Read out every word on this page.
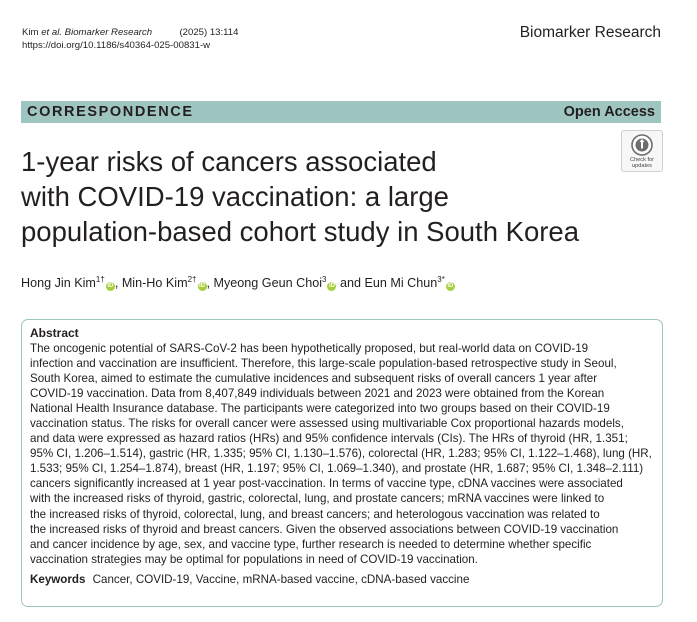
Kim et al. Biomarker Research	(2025) 13:114
https://doi.org/10.1186/s40364-025-00831-w
Biomarker Research
CORRESPONDENCE	Open Access
Check for
updates
1-year risks of cancers associated
with COVID-19 vaccination: a large
population-based cohort study in South Korea
Hong Jin Kim$^{1\dagger}$iD , Min-Ho Kim$^{2\dagger}$iD , Myeong Geun Choi$^3$iD and Eun Mi Chun$^{3*}$iD
Abstract
The oncogenic potential of SARS-CoV-2 has been hypothetically proposed, but real-world data on COVID-19
infection and vaccination are insufficient. Therefore, this large-scale population-based retrospective study in Seoul,
South Korea, aimed to estimate the cumulative incidences and subsequent risks of overall cancers 1 year after
COVID-19 vaccination. Data from 8,407,849 individuals between 2021 and 2023 were obtained from the Korean
National Health Insurance database. The participants were categorized into two groups based on their COVID-19
vaccination status. The risks for overall cancer were assessed using multivariable Cox proportional hazards models,
and data were expressed as hazard ratios (HRs) and 95% confidence intervals (CIs). The HRs of thyroid (HR, 1.351;
95% CI, 1.206–1.514), gastric (HR, 1.335; 95% CI, 1.130–1.576), colorectal (HR, 1.283; 95% CI, 1.122–1.468), lung (HR,
1.533; 95% CI, 1.254–1.874), breast (HR, 1.197; 95% CI, 1.069–1.340), and prostate (HR, 1.687; 95% CI, 1.348–2.111)
cancers significantly increased at 1 year post-vaccination. In terms of vaccine type, cDNA vaccines were associated
with the increased risks of thyroid, gastric, colorectal, lung, and prostate cancers; mRNA vaccines were linked to
the increased risks of thyroid, colorectal, lung, and breast cancers; and heterologous vaccination was related to
the increased risks of thyroid and breast cancers. Given the observed associations between COVID-19 vaccination
and cancer incidence by age, sex, and vaccine type, further research is needed to determine whether specific
vaccination strategies may be optimal for populations in need of COVID-19 vaccination.
Keywords Cancer, COVID-19, Vaccine, mRNA-based vaccine, cDNA-based vaccine
